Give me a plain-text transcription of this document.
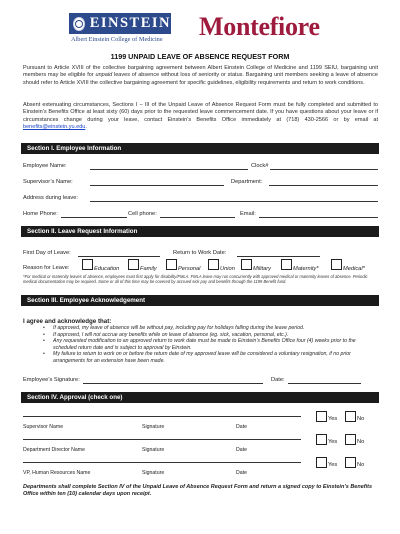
EINSTEIN
Albert Einstein College of Medicine	Montefiore
1199 UNPAID LEAVE OF ABSENCE REQUEST FORM

Pursuant to Article XVIII of the collective bargaining agreement between Albert Einstein College of Medicine and 1199 SEIU, bargaining unit members may be eligible for unpaid leaves of absence without loss of seniority or status. Bargaining unit members seeking a leave of absence should refer to Article XVIII the collective bargaining agreement for specific guidelines, eligibility requirements and return to work conditions.

Absent extenuating circumstances, Sections I – III of the Unpaid Leave of Absence Request Form must be fully completed and submitted to Einstein’s Benefits Office at least sixty (60) days prior to the requested leave commencement date. If you have questions about your leave or if circumstances change during your leave, contact Einstein’s Benefits Office immediately at (718) 430-2566 or by email at benefits@einstein.yu.edu.

Section I. Employee Information
Employee Name:	Clock#
Supervisor’s Name:	Department:
Address during leave:
Home Phone:	Cell phone:	Email:
Section II. Leave Request Information
First Day of Leave:	Return to Work Date:
Reason for Leave:	Education	Family	Personal	Union	Military	Maternity*	Medical*

*For medical or maternity leaves of absence, employees must first apply for disability/FMLA. FMLA leave may run concurrently with approved medical or maternity leaves of absence. Periodic medical documentation may be required. Some or all of this time may be covered by accrued sick pay and benefits through the 1199 Benefit fund.

Section III. Employee Acknowledgement
I agree and acknowledge that:
• If approved, my leave of absence will be without pay, including pay for holidays falling during the leave period.
• If approved, I will not accrue any benefits while on leave of absence (eg. sick, vacation, personal, etc.).
• Any requested modification to an approved return to work date must be made to Einstein’s Benefits Office four (4) weeks prior to the scheduled return date and is subject to approval by Einstein.
• My failure to return to work on or before the return date of my approved leave will be considered a voluntary resignation, if no prior arrangements for an extension have been made.
Employee’s Signature:	Date:
Section IV. Approval (check one)
Yes	No
Supervisor Name	Signature	Date
Yes	No
Department Director Name	Signature	Date
Yes	No
VP, Human Resources Name	Signature	Date

Departments shall complete Section IV of the Unpaid Leave of Absence Request Form and return a signed copy to Einstein’s Benefits Office within ten (10) calendar days upon receipt.
